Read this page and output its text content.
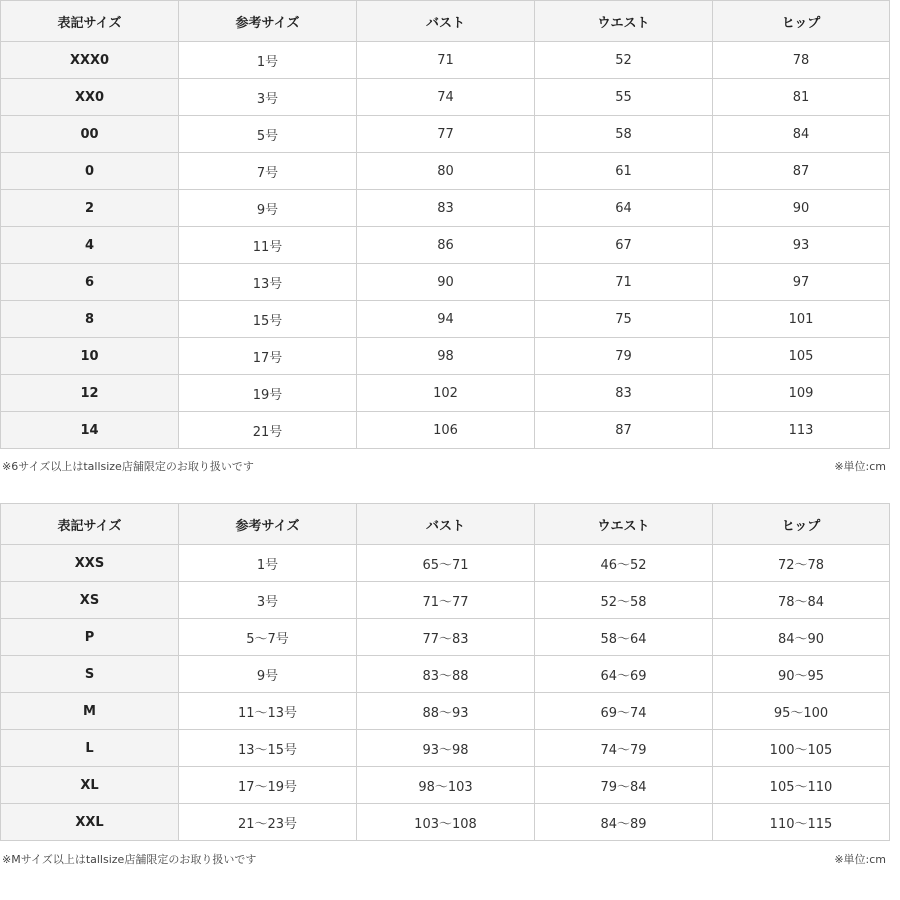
表記サイズ	参考サイズ	バスト	ウエスト	ヒップ
XXX0	1号	71	52	78
XX0	3号	74	55	81
00	5号	77	58	84
0	7号	80	61	87
2	9号	83	64	90
4	11号	86	67	93
6	13号	90	71	97
8	15号	94	75	101
10	17号	98	79	105
12	19号	102	83	109
14	21号	106	87	113
※6サイズ以上はtallsize店舗限定のお取り扱いです	※単位:cm
表記サイズ	参考サイズ	バスト	ウエスト	ヒップ
XXS	1号	65〜71	46〜52	72〜78
XS	3号	71〜77	52〜58	78〜84
P	5〜7号	77〜83	58〜64	84〜90
S	9号	83〜88	64〜69	90〜95
M	11〜13号	88〜93	69〜74	95〜100
L	13〜15号	93〜98	74〜79	100〜105
XL	17〜19号	98〜103	79〜84	105〜110
XXL	21〜23号	103〜108	84〜89	110〜115
※Mサイズ以上はtallsize店舗限定のお取り扱いです	※単位:cm
